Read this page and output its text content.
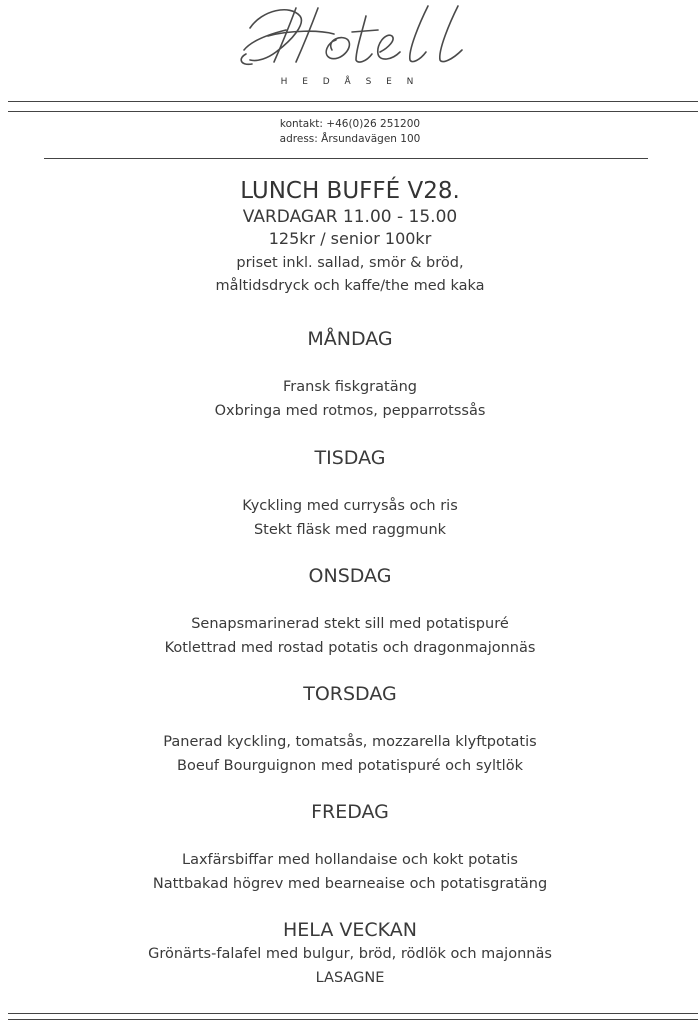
H E D Å S E N
kontakt: +46(0)26 251200
adress: Årsundavägen 100

LUNCH BUFFÉ V28.

VARDAGAR 11.00 - 15.00

125kr / senior 100kr

priset inkl. sallad, smör & bröd,

måltidsdryck och kaffe/the med kaka

MÅNDAG

Fransk fiskgratäng

Oxbringa med rotmos, pepparrotssås

TISDAG

Kyckling med currysås och ris

Stekt fläsk med raggmunk

ONSDAG

Senapsmarinerad stekt sill med potatispuré

Kotlettrad med rostad potatis och dragonmajonnäs

TORSDAG

Panerad kyckling, tomatsås, mozzarella klyftpotatis

Boeuf Bourguignon med potatispuré och syltlök

FREDAG

Laxfärsbiffar med hollandaise och kokt potatis

Nattbakad högrev med bearneaise och potatisgratäng

HELA VECKAN

Grönärts-falafel med bulgur, bröd, rödlök och majonnäs

LASAGNE
